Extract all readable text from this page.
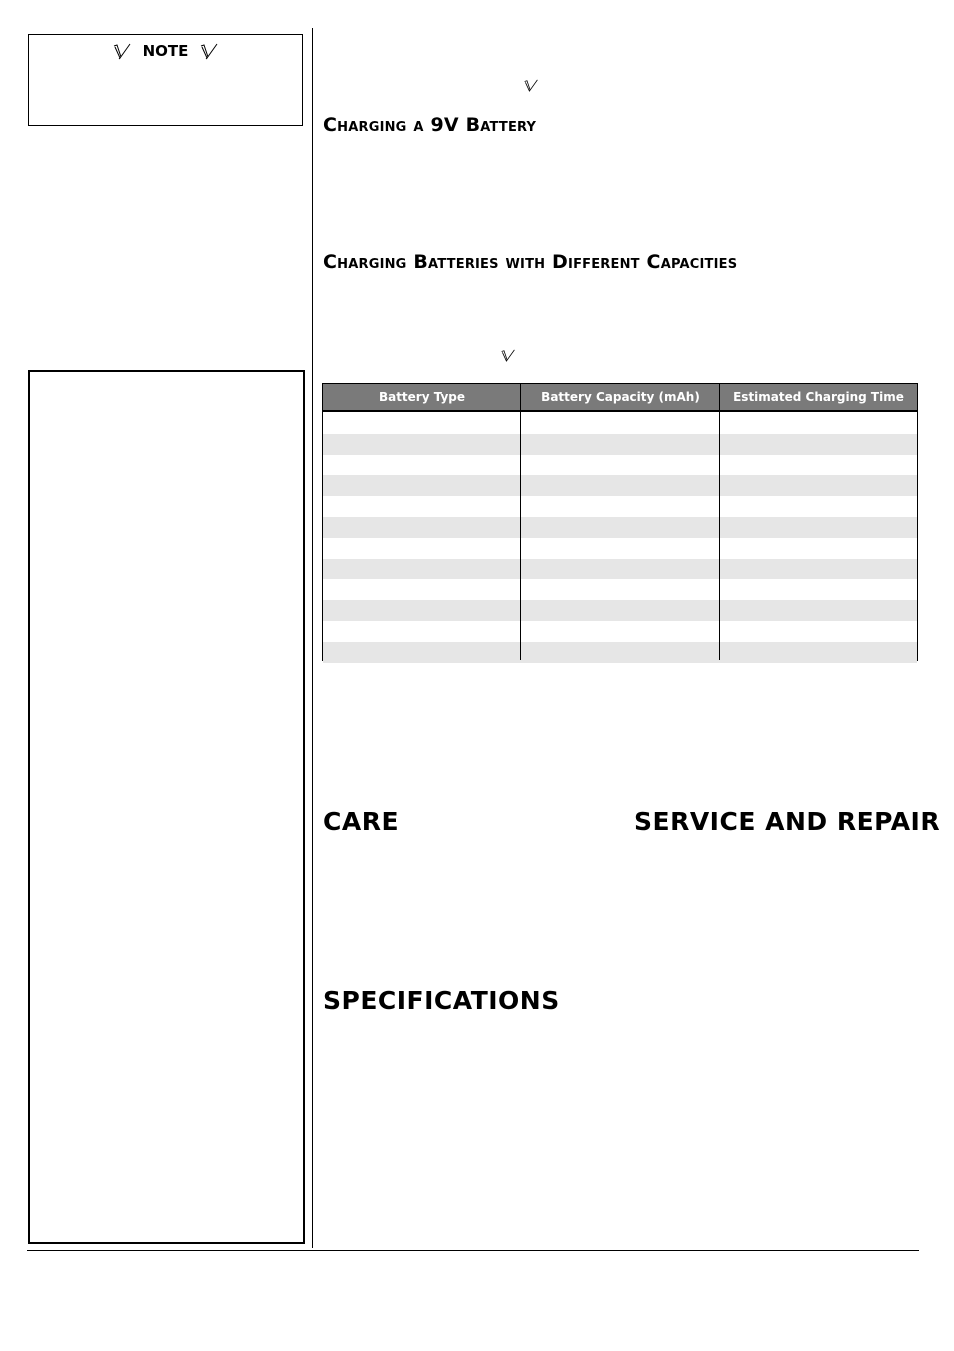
NOTE
Charging a 9V Battery
Charging Batteries with Different Capacities
Battery Type	Battery Capacity (mAh)	Estimated Charging Time
CARE	SERVICE AND REPAIR
SPECIFICATIONS
